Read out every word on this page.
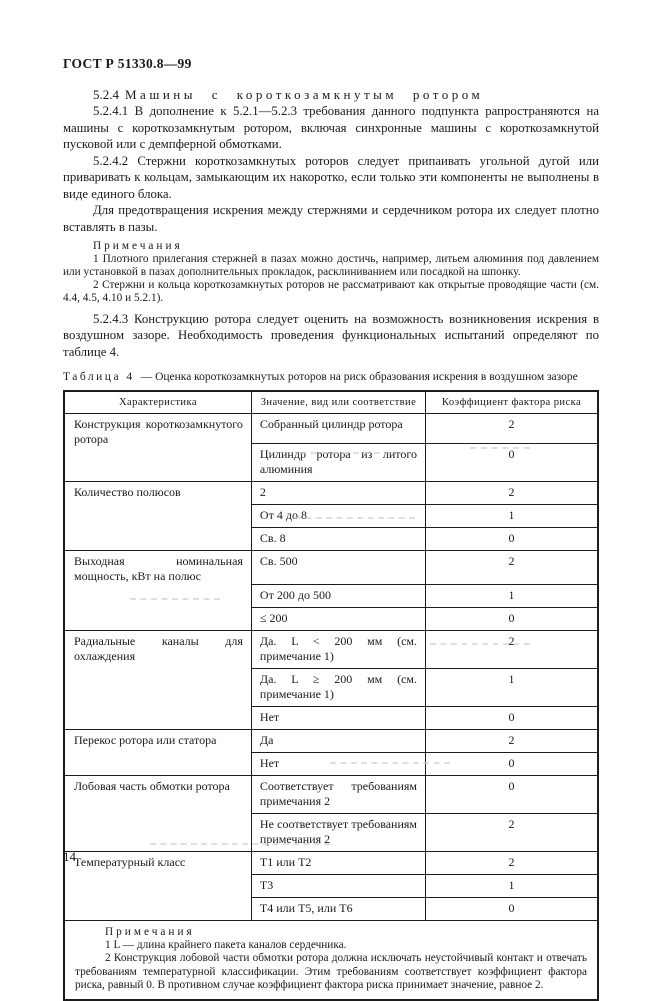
ГОСТ Р 51330.8—99

5.2.4 Машины с короткозамкнутым ротором

5.2.4.1 В дополнение к 5.2.1—5.2.3 требования данного подпункта рапространяются на машины с короткозамкнутым ротором, включая синхронные машины с короткозамкнутой пусковой или с демпферной обмотками.

5.2.4.2 Стержни короткозамкнутых роторов следует припаивать угольной дугой или приваривать к кольцам, замыкающим их накоротко, если только эти компоненты не выполнены в виде единого блока.

Для предотвращения искрения между стержнями и сердечником ротора их следует плотно вставлять в пазы.

Примечания

1 Плотного прилегания стержней в пазах можно достичь, например, литьем алюминия под давлением или установкой в пазах дополнительных прокладок, расклиниванием или посадкой на шпонку.

2 Стержни и кольца короткозамкнутых роторов не рассматривают как открытые проводящие части (см. 4.4, 4.5, 4.10 и 5.2.1).

5.2.4.3 Конструкцию ротора следует оценить на возможность возникновения искрения в воздушном зазоре. Необходимость проведения функциональных испытаний определяют по таблице 4.

Таблица 4 — Оценка короткозамкнутых роторов на риск образования искрения в воздушном зазоре
Характеристика	Значение, вид или соответствие	Коэффициент фактора риска
Конструкция короткозамкнутого ротора	Собранный цилиндр ротора	2
	Цилиндр ротора из литого алюминия	0
Количество полюсов	2	2
	От 4 до 8	1
	Св. 8	0
Выходная номинальная мощность, кВт на полюс	Св. 500	2
	От 200 до 500	1
	≤ 200	0
Радиальные каналы для охлаждения	Да. L < 200 мм (см. примечание 1)	2
	Да. L ≥ 200 мм (см. примечание 1)	1
	Нет	0
Перекос ротора или статора	Да	2
	Нет	0
Лобовая часть обмотки ротора	Соответствует требованиям примечания 2	0
	Не соответствует требованиям примечания 2	2
Температурный класс	Т1 или Т2	2
	Т3	1
	Т4 или Т5, или Т6	0

Примечания

1 L — длина крайнего пакета каналов сердечника.

2 Конструкция лобовой части обмотки ротора должна исключать неустойчивый контакт и отвечать требованиям температурной классификации. Этим требованиям соответствует коэффициент фактора риска, равный 0. В противном случае коэффициент фактора риска принимает значение, равное 2.		

14
